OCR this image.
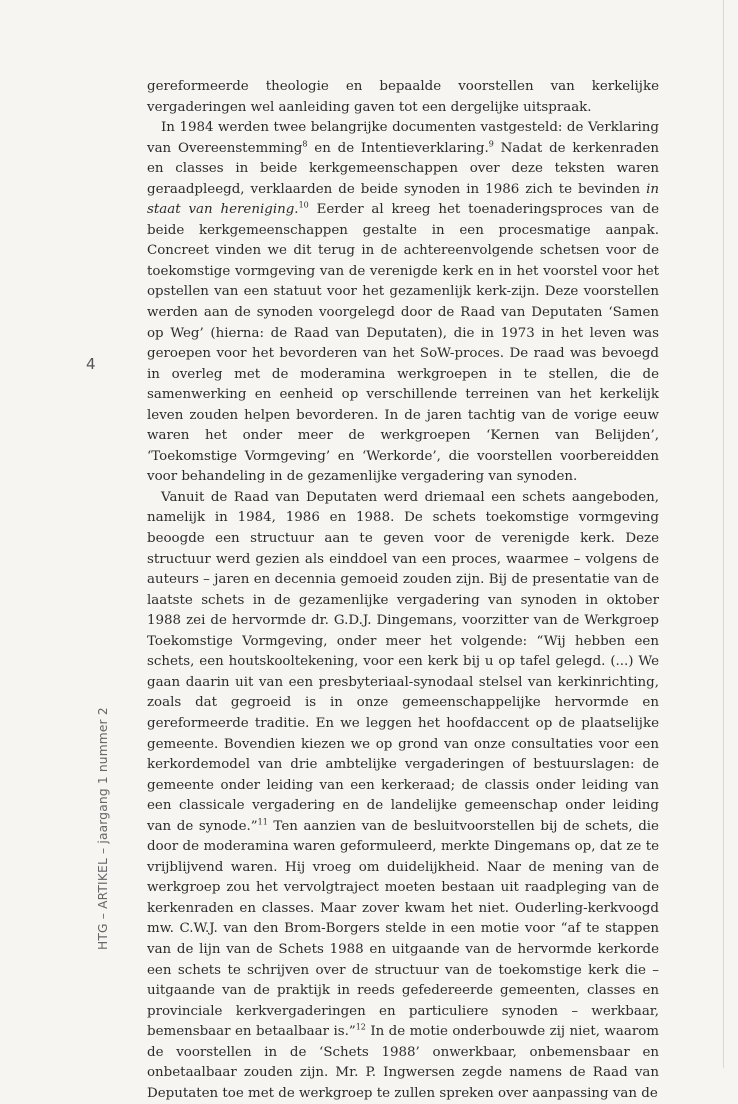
4
HTG – ARTIKEL – jaargang 1 nummer 2

gereformeerde theologie en bepaalde voorstellen van kerkelijke vergaderingen wel aanleiding gaven tot een dergelijke uitspraak.

In 1984 werden twee belangrijke documenten vastgesteld: de Verklaring van Overeenstemming$^8$ en de Intentieverklaring.$^9$ Nadat de kerkenraden en classes in beide kerkgemeenschappen over deze teksten waren geraadpleegd, verklaarden de beide synoden in 1986 zich te bevinden in staat van hereniging.$^{10}$ Eerder al kreeg het toenaderingsproces van de beide kerkgemeenschappen gestalte in een procesmatige aanpak. Concreet vinden we dit terug in de achtereenvolgende schetsen voor de toekomstige vormgeving van de verenigde kerk en in het voorstel voor het opstellen van een statuut voor het gezamenlijk kerk-zijn. Deze voorstellen werden aan de synoden voorgelegd door de Raad van Deputaten ‘Samen op Weg’ (hierna: de Raad van Deputaten), die in 1973 in het leven was geroepen voor het bevorderen van het SoW-proces. De raad was bevoegd in overleg met de moderamina werkgroepen in te stellen, die de samenwerking en eenheid op verschillende terreinen van het kerkelijk leven zouden helpen bevorderen. In de jaren tachtig van de vorige eeuw waren het onder meer de werkgroepen ‘Kernen van Belijden’, ‘Toekomstige Vormgeving’ en ‘Werkorde’, die voorstellen voorbereidden voor behandeling in de gezamenlijke vergadering van synoden.

Vanuit de Raad van Deputaten werd driemaal een schets aangeboden, namelijk in 1984, 1986 en 1988. De schets toekomstige vormgeving beoogde een structuur aan te geven voor de verenigde kerk. Deze structuur werd gezien als einddoel van een proces, waarmee – volgens de auteurs – jaren en decennia gemoeid zouden zijn. Bij de presentatie van de laatste schets in de gezamenlijke vergadering van synoden in oktober 1988 zei de hervormde dr. G.D.J. Dingemans, voorzitter van de Werkgroep Toekomstige Vormgeving, onder meer het volgende: “Wij hebben een schets, een houtskooltekening, voor een kerk bij u op tafel gelegd. (...) We gaan daarin uit van een presbyteriaal-synodaal stelsel van kerkinrichting, zoals dat gegroeid is in onze gemeenschappelijke hervormde en gereformeerde traditie. En we leggen het hoofdaccent op de plaatselijke gemeente. Bovendien kiezen we op grond van onze consultaties voor een kerkordemodel van drie ambtelijke vergaderingen of bestuurslagen: de gemeente onder leiding van een kerkeraad; de classis onder leiding van een classicale vergadering en de landelijke gemeenschap onder leiding van de synode.”$^{11}$ Ten aanzien van de besluitvoorstellen bij de schets, die door de moderamina waren geformuleerd, merkte Dingemans op, dat ze te vrijblijvend waren. Hij vroeg om duidelijkheid. Naar de mening van de werkgroep zou het vervolgtraject moeten bestaan uit raadpleging van de kerkenraden en classes. Maar zover kwam het niet. Ouderling-kerkvoogd mw. C.W.J. van den Brom-Borgers stelde in een motie voor “af te stappen van de lijn van de Schets 1988 en uitgaande van de hervormde kerkorde een schets te schrijven over de structuur van de toekomstige kerk die – uitgaande van de praktijk in reeds gefedereerde gemeenten, classes en provinciale kerkvergaderingen en particuliere synoden – werkbaar, bemensbaar en betaalbaar is.”$^{12}$ In de motie onderbouwde zij niet, waarom de voorstellen in de ‘Schets 1988’ onwerkbaar, onbemensbaar en onbetaalbaar zouden zijn. Mr. P. Ingwersen zegde namens de Raad van Deputaten toe met de werkgroep te zullen spreken over aanpassing van de
